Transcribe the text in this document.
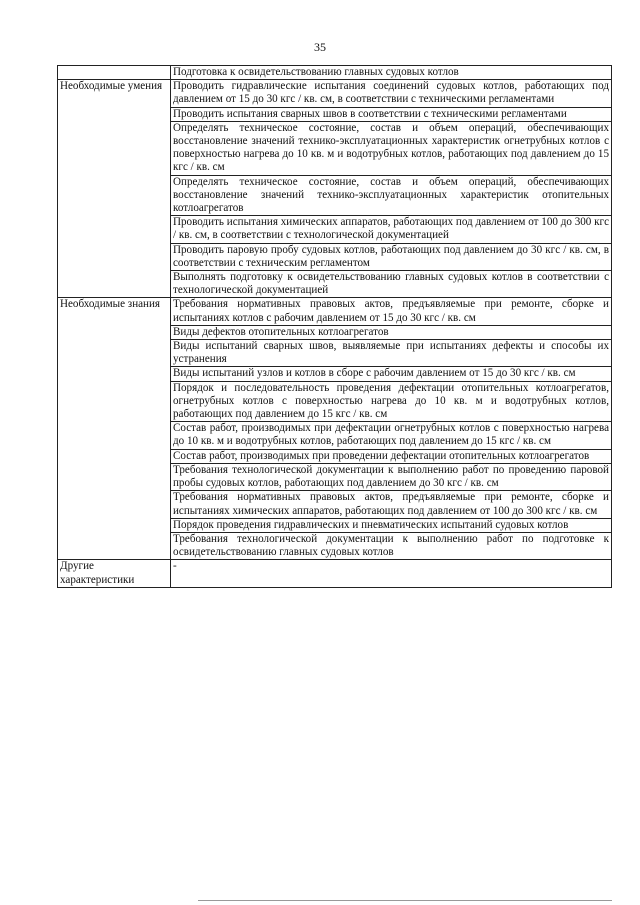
35
	Подготовка к освидетельствованию главных судовых котлов
Необходимые умения	Проводить гидравлические испытания соединений судовых котлов, работающих под давлением от 15 до 30 кгс / кв. см, в соответствии с техническими регламентами
	Проводить испытания сварных швов в соответствии с техническими регламентами
	Определять техническое состояние, состав и объем операций, обеспечивающих восстановление значений технико-эксплуатационных характеристик огнетрубных котлов с поверхностью нагрева до 10 кв. м и водотрубных котлов, работающих под давлением до 15 кгс / кв. см
	Определять техническое состояние, состав и объем операций, обеспечивающих восстановление значений технико-эксплуатационных характеристик отопительных котлоагрегатов
	Проводить испытания химических аппаратов, работающих под давлением от 100 до 300 кгс / кв. см, в соответствии с технологической документацией
	Проводить паровую пробу судовых котлов, работающих под давлением до 30 кгс / кв. см, в соответствии с техническим регламентом
	Выполнять подготовку к освидетельствованию главных судовых котлов в соответствии с технологической документацией
Необходимые знания	Требования нормативных правовых актов, предъявляемые при ремонте, сборке и испытаниях котлов с рабочим давлением от 15 до 30 кгс / кв. см
	Виды дефектов отопительных котлоагрегатов
	Виды испытаний сварных швов, выявляемые при испытаниях дефекты и способы их устранения
	Виды испытаний узлов и котлов в сборе с рабочим давлением от 15 до 30 кгс / кв. см
	Порядок и последовательность проведения дефектации отопительных котлоагрегатов, огнетрубных котлов с поверхностью нагрева до 10 кв. м и водотрубных котлов, работающих под давлением до 15 кгс / кв. см
	Состав работ, производимых при дефектации огнетрубных котлов с поверхностью нагрева до 10 кв. м и водотрубных котлов, работающих под давлением до 15 кгс / кв. см
	Состав работ, производимых при проведении дефектации отопительных котлоагрегатов
	Требования технологической документации к выполнению работ по проведению паровой пробы судовых котлов, работающих под давлением до 30 кгс / кв. см
	Требования нормативных правовых актов, предъявляемые при ремонте, сборке и испытаниях химических аппаратов, работающих под давлением от 100 до 300 кгс / кв. см
	Порядок проведения гидравлических и пневматических испытаний судовых котлов
	Требования технологической документации к выполнению работ по подготовке к освидетельствованию главных судовых котлов
Другие характеристики	-
